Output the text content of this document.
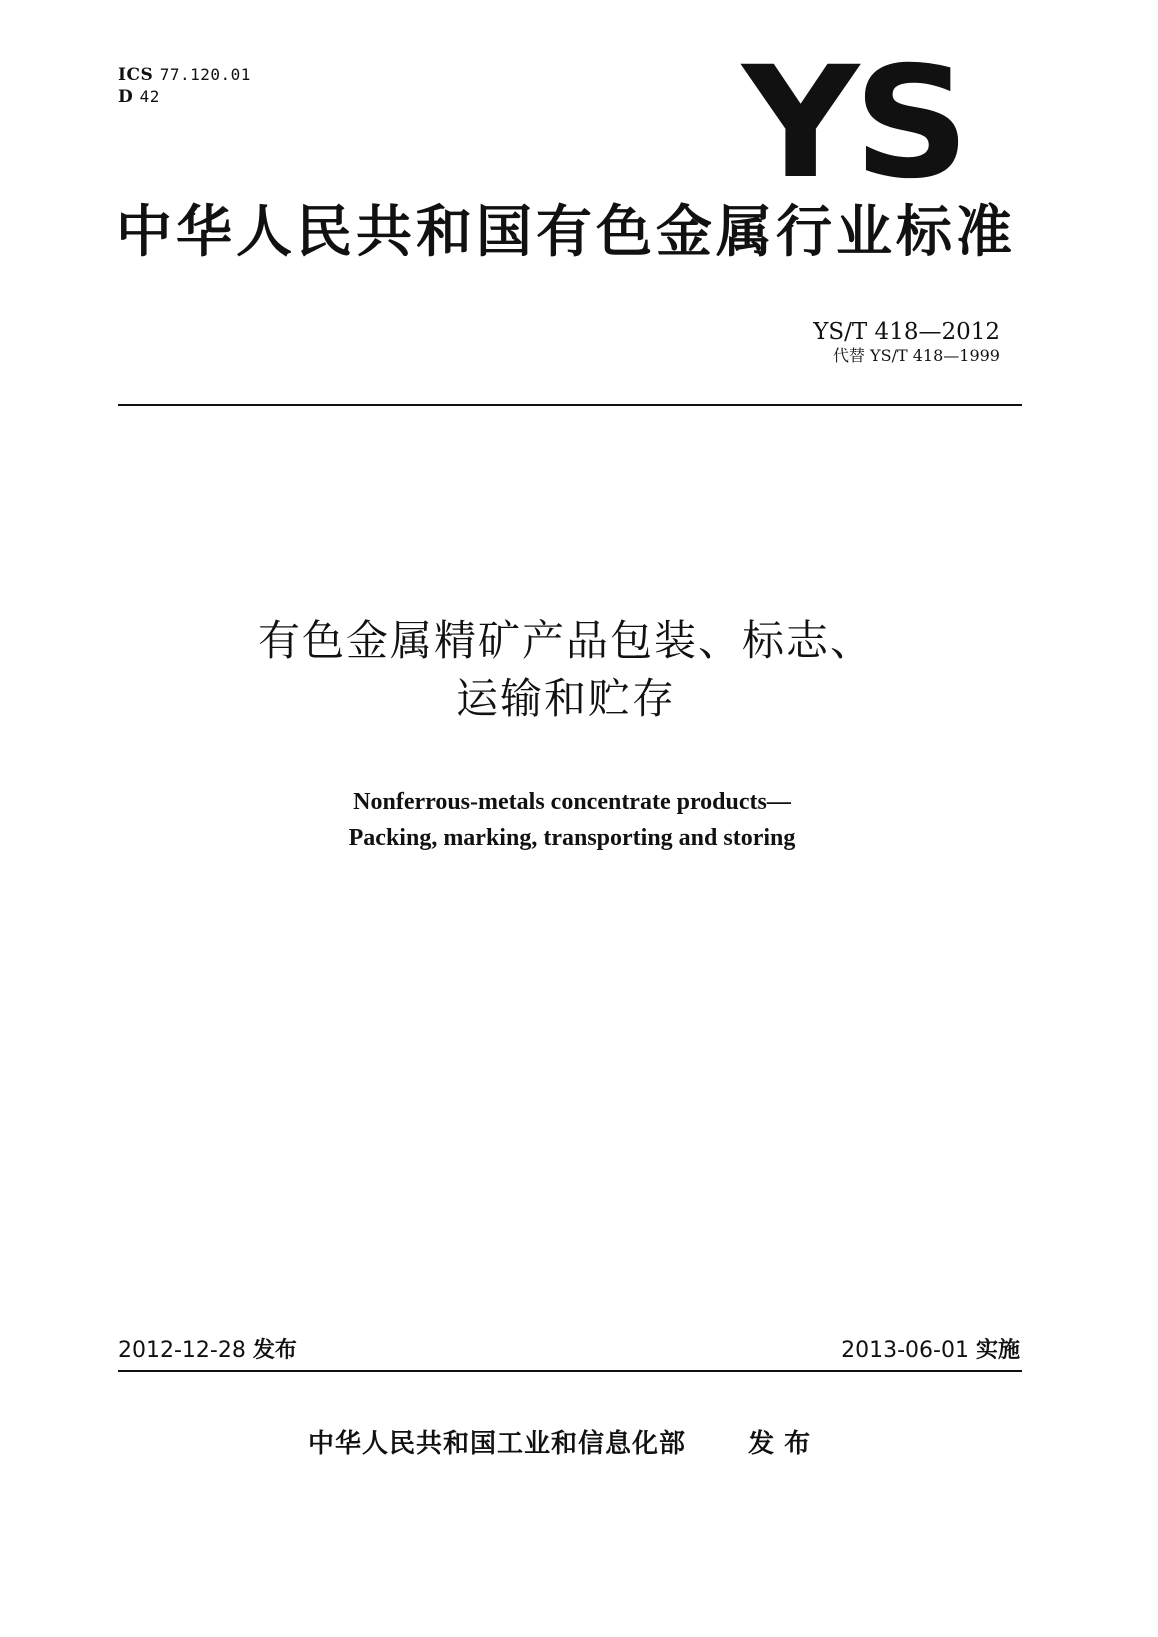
ICS 77.120.01
D 42	YS
中华人民共和国有色金属行业标准
YS/T 418—2012
代替 YS/T 418—1999
有色金属精矿产品包装、标志、
运输和贮存
Nonferrous-metals concentrate products—
Packing, marking, transporting and storing
2012-12-28 发布	2013-06-01 实施
中华人民共和国工业和信息化部 发布
